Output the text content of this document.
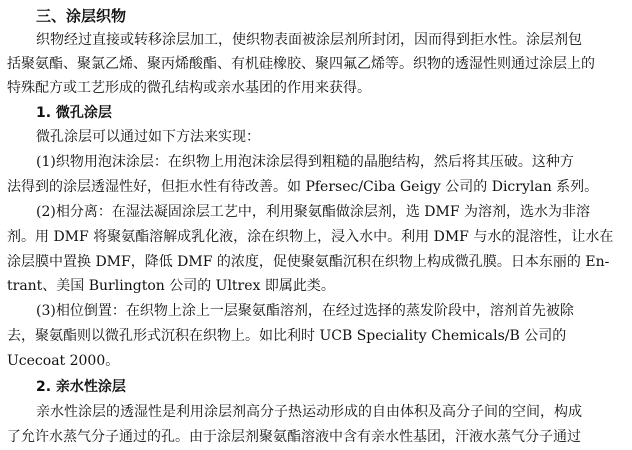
三、涂层织物
织物经过直接或转移涂层加工，使织物表面被涂层剂所封闭，因而得到拒水性。涂层剂包
括聚氨酯、聚氯乙烯、聚丙烯酸酯、有机硅橡胶、聚四氟乙烯等。织物的透湿性则通过涂层上的
特殊配方或工艺形成的微孔结构或亲水基团的作用来获得。
1. 微孔涂层
微孔涂层可以通过如下方法来实现：
(1)织物用泡沫涂层：在织物上用泡沫涂层得到粗糙的晶胞结构，然后将其压破。这种方
法得到的涂层透湿性好，但拒水性有待改善。如 Pfersec/Ciba Geigy 公司的 Dicrylan 系列。
(2)相分离：在湿法凝固涂层工艺中，利用聚氨酯做涂层剂，选 DMF 为溶剂，选水为非溶
剂。用 DMF 将聚氨酯溶解成乳化液，涂在织物上，浸入水中。利用 DMF 与水的混溶性，让水在
涂层膜中置换 DMF，降低 DMF 的浓度，促使聚氨酯沉积在织物上构成微孔膜。日本东丽的 En-
trant、美国 Burlington 公司的 Ultrex 即属此类。
(3)相位倒置：在织物上涂上一层聚氨酯溶剂，在经过选择的蒸发阶段中，溶剂首先被除
去，聚氨酯则以微孔形式沉积在织物上。如比利时 UCB Speciality Chemicals/B 公司的
Ucecoat 2000。
2. 亲水性涂层
亲水性涂层的透湿性是利用涂层剂高分子热运动形成的自由体积及高分子间的空间，构成
了允许水蒸气分子通过的孔。由于涂层剂聚氨酯溶液中含有亲水性基团，汗液水蒸气分子通过
